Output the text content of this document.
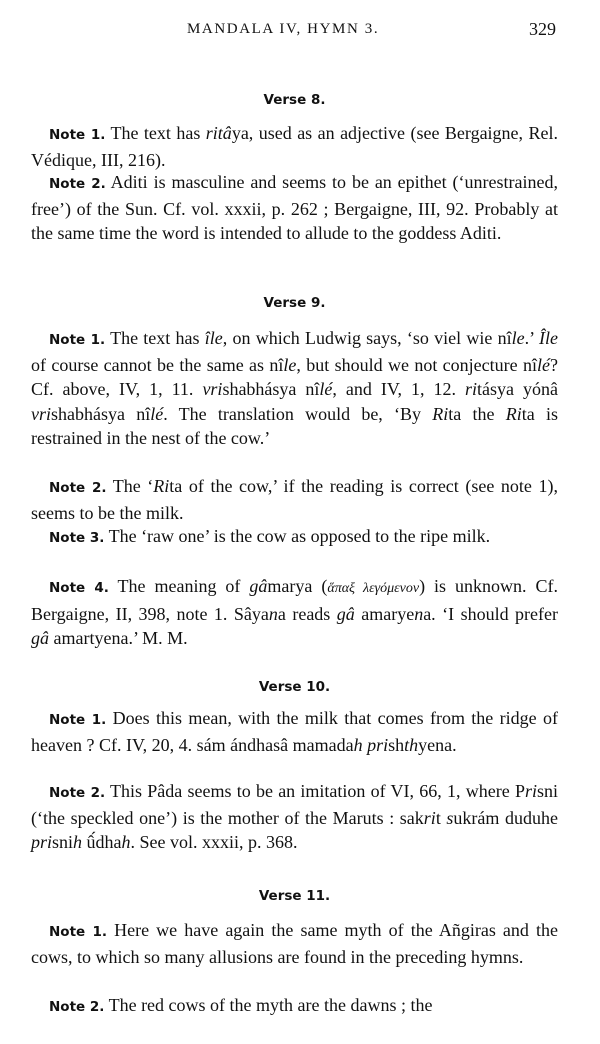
MANDALA IV, HYMN 3.	329
Verse 8.

Note 1. The text has ritâya, used as an adjective (see Bergaigne, Rel. Védique, III, 216).

Note 2. Aditi is masculine and seems to be an epithet (‘unrestrained, free’) of the Sun. Cf. vol. xxxii, p. 262 ; Bergaigne, III, 92. Probably at the same time the word is intended to allude to the goddess Aditi.

Verse 9.

Note 1. The text has île, on which Ludwig says, ‘so viel wie nîle.’ Île of course cannot be the same as nîle, but should we not conjecture nîlé? Cf. above, IV, 1, 11. vrishabhásya nîlé, and IV, 1, 12. ritásya yónâ vrishabhásya nîlé. The translation would be, ‘By Rita the Rita is restrained in the nest of the cow.’

Note 2. The ‘Rita of the cow,’ if the reading is correct (see note 1), seems to be the milk.

Note 3. The ‘raw one’ is the cow as opposed to the ripe milk.

Note 4. The meaning of gâmarya (ἅπαξ λεγόμενον) is unknown. Cf. Bergaigne, II, 398, note 1. Sâyana reads gâ amaryena. ‘I should prefer gâ amartyena.’ M. M.

Verse 10.

Note 1. Does this mean, with the milk that comes from the ridge of heaven ? Cf. IV, 20, 4. sám ándhasâ mamadah prishthyena.

Note 2. This Pâda seems to be an imitation of VI, 66, 1, where Prisni (‘the speckled one’) is the mother of the Maruts : sakrit sukrám duduhe prisnih û́dhah. See vol. xxxii, p. 368.

Verse 11.

Note 1. Here we have again the same myth of the Añgiras and the cows, to which so many allusions are found in the preceding hymns.

Note 2. The red cows of the myth are the dawns ; the
